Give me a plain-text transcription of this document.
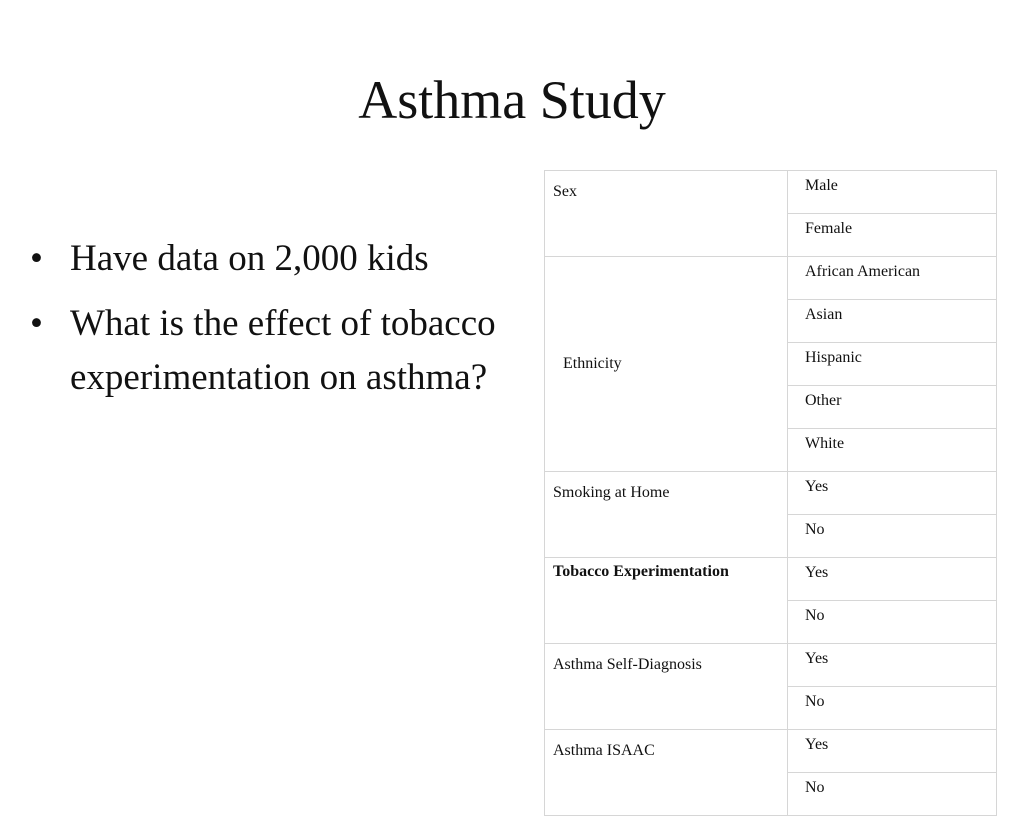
Asthma Study
• Have data on 2,000 kids
• What is the effect of tobacco experimentation on asthma?
Sex	Male
	Female
Ethnicity	African American
	Asian
	Hispanic
	Other
	White
Smoking at Home	Yes
	No
Tobacco Experimentation	Yes
	No
Asthma Self-Diagnosis	Yes
	No
Asthma ISAAC	Yes
	No
